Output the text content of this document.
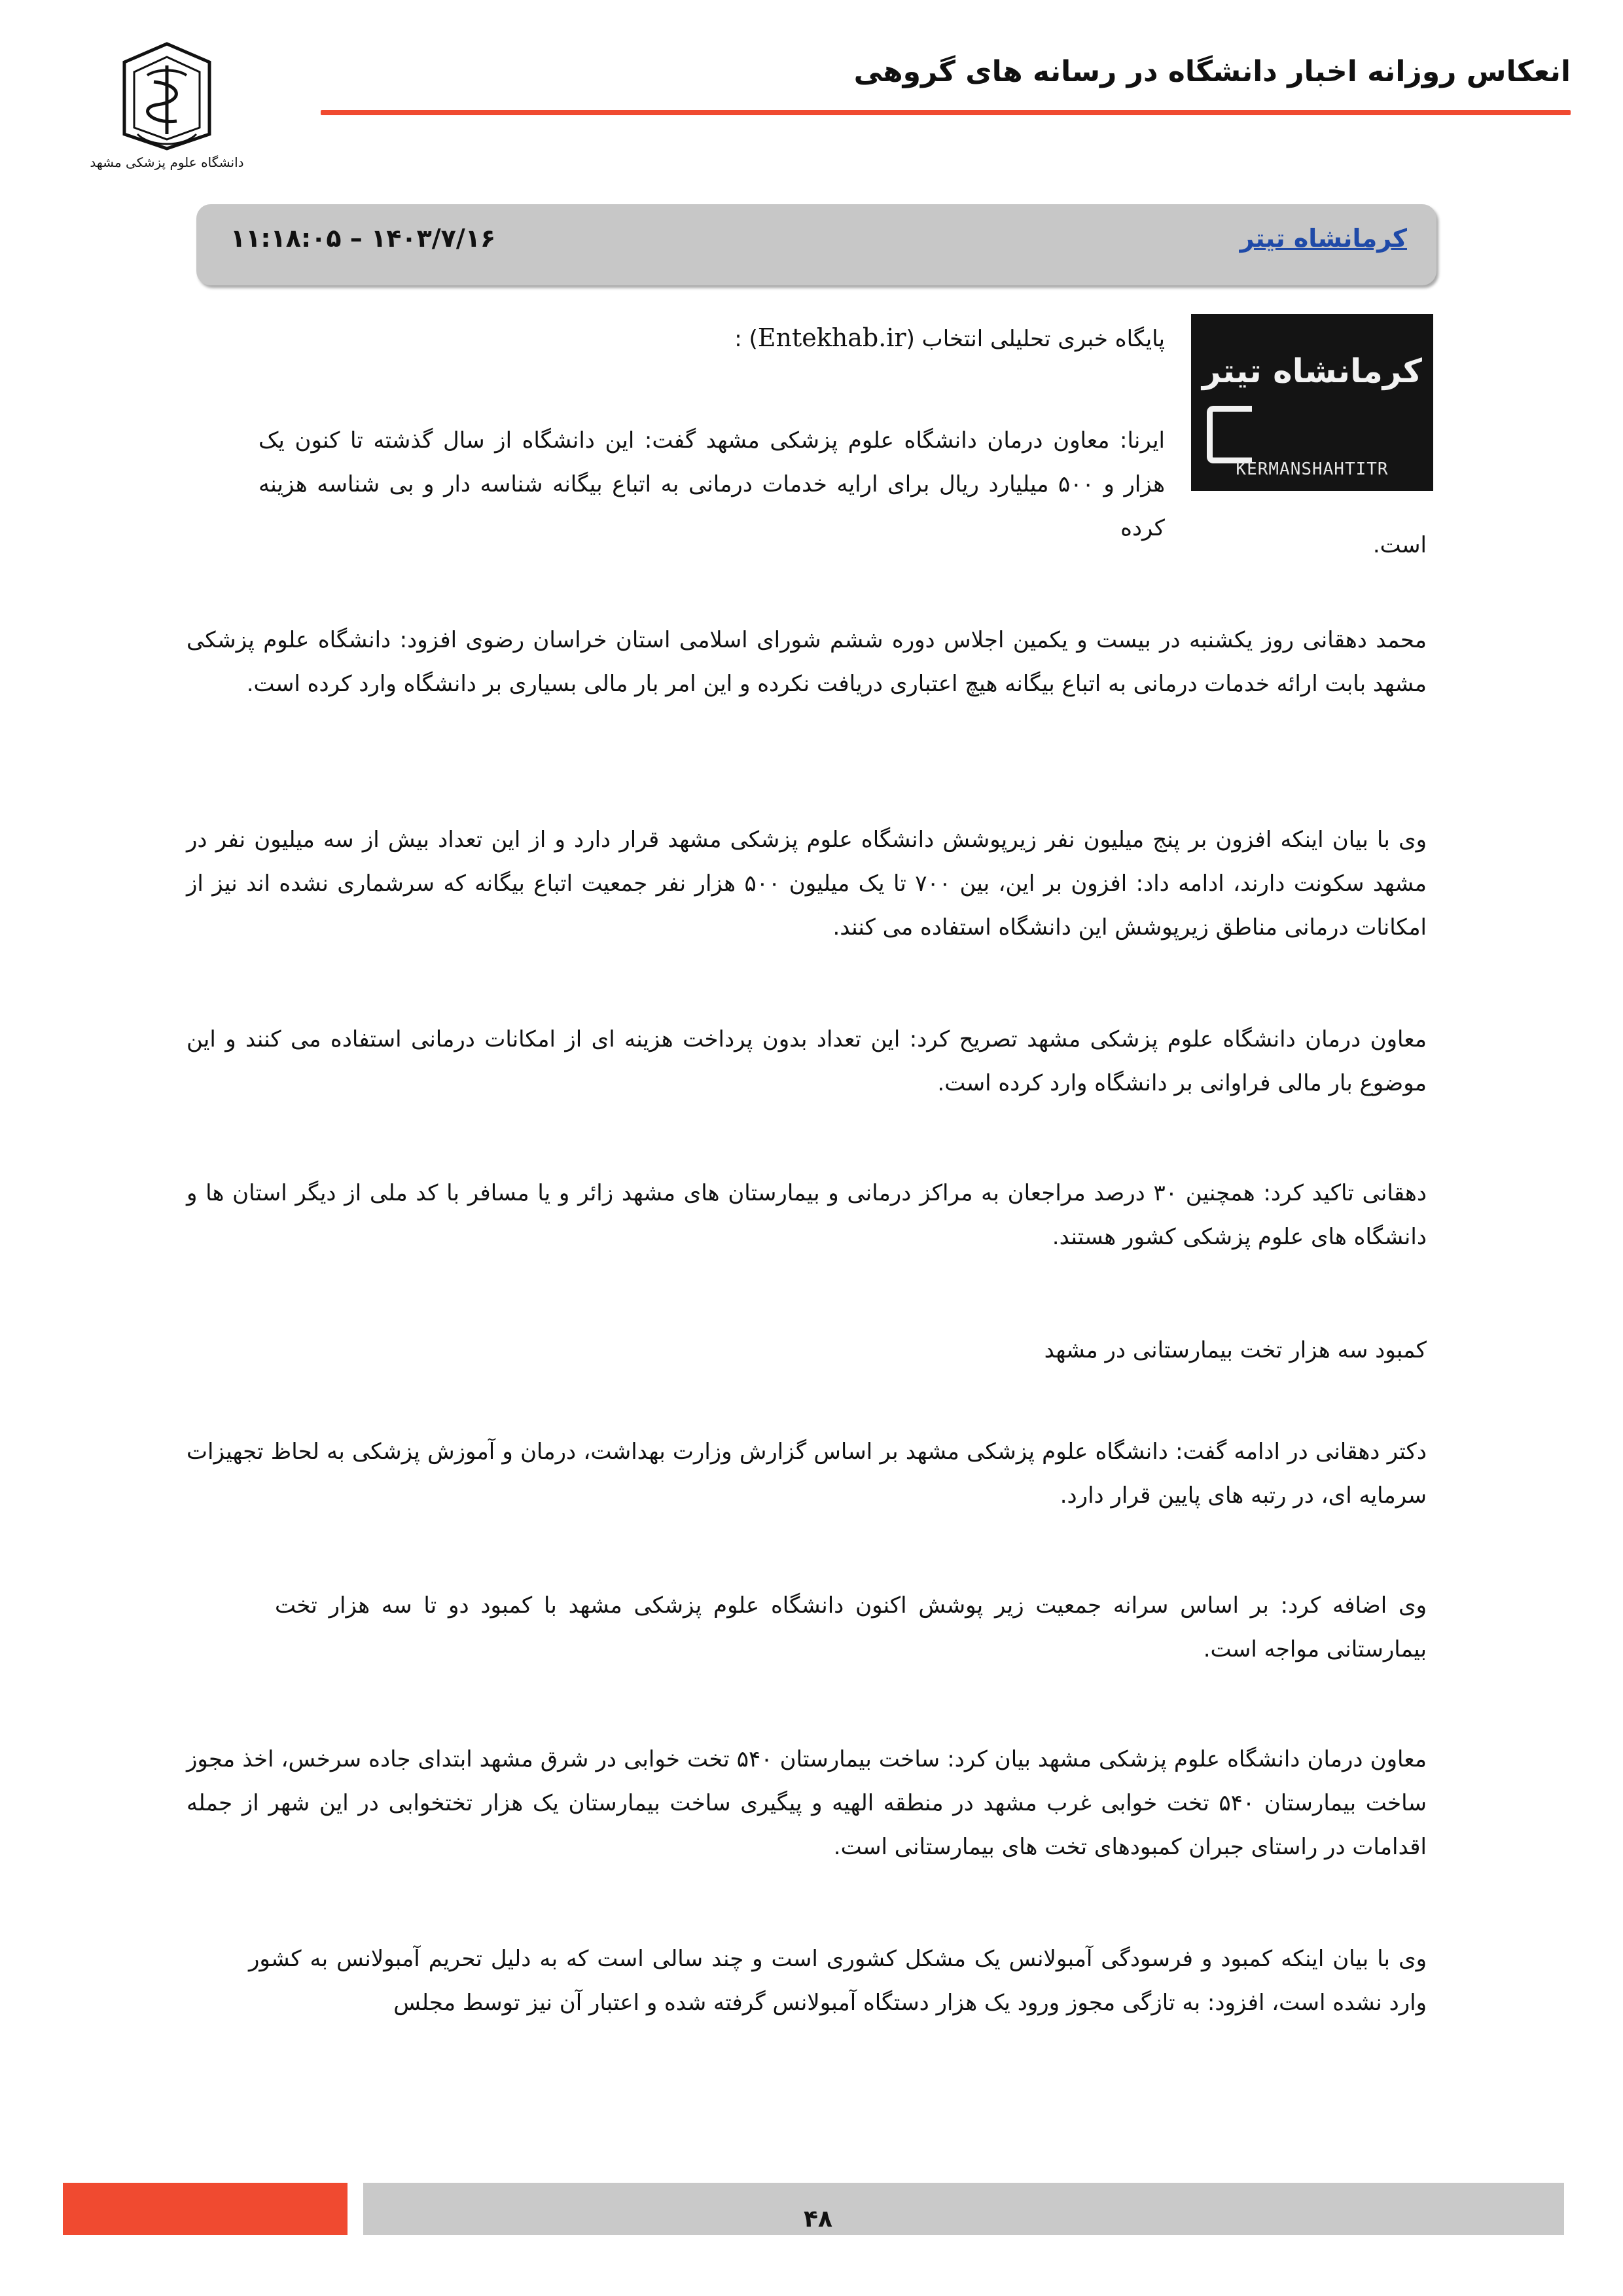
دانشگاه علوم پزشکی مشهد
انعکاس روزانه اخبار دانشگاه در رسانه های گروهی
کرمانشاه تیتر
۱۴۰۳/۷/۱۶ – ۱۱:۱۸:۰۵
کرمانشاه تیتر
KERMANSHAHTITR
پایگاه خبری تحلیلی انتخاب (Entekhab.ir) :

ایرنا: معاون درمان دانشگاه علوم پزشکی مشهد گفت: این دانشگاه از سال گذشته تا کنون یک هزار و ۵۰۰ میلیارد ریال برای ارایه خدمات درمانی به اتباع بیگانه شناسه دار و بی شناسه هزینه کرده

است.

محمد دهقانی روز یکشنبه در بیست و یکمین اجلاس دوره ششم شورای اسلامی استان خراسان رضوی افزود: دانشگاه علوم پزشکی مشهد بابت ارائه خدمات درمانی به اتباع بیگانه هیچ اعتباری دریافت نکرده و این امر بار مالی بسیاری بر دانشگاه وارد کرده است.

وی با بیان اینکه افزون بر پنج میلیون نفر زیرپوشش دانشگاه علوم پزشکی مشهد قرار دارد و از این تعداد بیش از سه میلیون نفر در مشهد سکونت دارند، ادامه داد: افزون بر این، بین ۷۰۰ تا یک میلیون ۵۰۰ هزار نفر جمعیت اتباع بیگانه که سرشماری نشده اند نیز از امکانات درمانی مناطق زیرپوشش این دانشگاه استفاده می کنند.

معاون درمان دانشگاه علوم پزشکی مشهد تصریح کرد: این تعداد بدون پرداخت هزینه ای از امکانات درمانی استفاده می کنند و این موضوع بار مالی فراوانی بر دانشگاه وارد کرده است.

دهقانی تاکید کرد: همچنین ۳۰ درصد مراجعان به مراکز درمانی و بیمارستان های مشهد زائر و یا مسافر با کد ملی از دیگر استان ها و دانشگاه های علوم پزشکی کشور هستند.

کمبود سه هزار تخت بیمارستانی در مشهد

دکتر دهقانی در ادامه گفت: دانشگاه علوم پزشکی مشهد بر اساس گزارش وزارت بهداشت، درمان و آموزش پزشکی به لحاظ تجهیزات سرمایه ای، در رتبه های پایین قرار دارد.

وی اضافه کرد: بر اساس سرانه جمعیت زیر پوشش اکنون دانشگاه علوم پزشکی مشهد با کمبود دو تا سه هزار تخت بیمارستانی مواجه است.

معاون درمان دانشگاه علوم پزشکی مشهد بیان کرد: ساخت بیمارستان ۵۴۰ تخت خوابی در شرق مشهد ابتدای جاده سرخس، اخذ مجوز ساخت بیمارستان ۵۴۰ تخت خوابی غرب مشهد در منطقه الهیه و پیگیری ساخت بیمارستان یک هزار تختخوابی در این شهر از جمله اقدامات در راستای جبران کمبودهای تخت های بیمارستانی است.

وی با بیان اینکه کمبود و فرسودگی آمبولانس یک مشکل کشوری است و چند سالی است که به دلیل تحریم آمبولانس به کشور وارد نشده است، افزود: به تازگی مجوز ورود یک هزار دستگاه آمبولانس گرفته شده و اعتبار آن نیز توسط مجلس

۴۸
